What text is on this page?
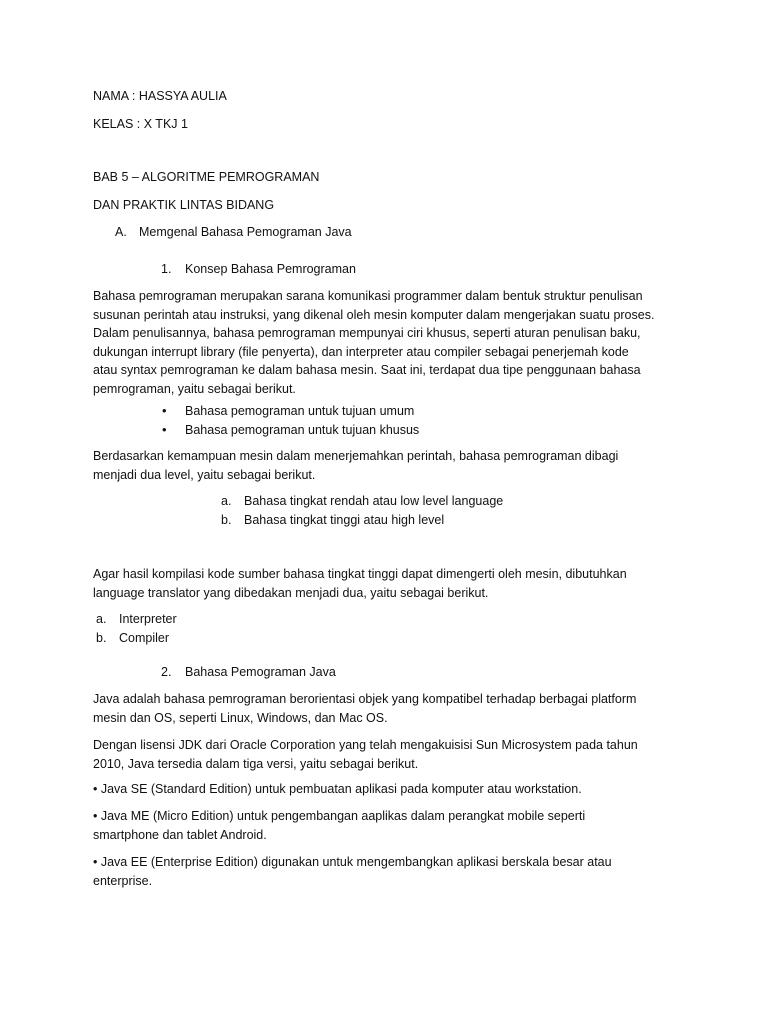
NAMA : HASSYA AULIA

KELAS : X TKJ 1

BAB 5 – ALGORITME PEMROGRAMAN

DAN PRAKTIK LINTAS BIDANG

A. Memgenal Bahasa Pemograman Java
1. Konsep Bahasa Pemrograman
Bahasa pemrograman merupakan sarana komunikasi programmer dalam bentuk struktur penulisan
susunan perintah atau instruksi, yang dikenal oleh mesin komputer dalam mengerjakan suatu proses.
Dalam penulisannya, bahasa pemrograman mempunyai ciri khusus, seperti aturan penulisan baku,
dukungan interrupt library (file penyerta), dan interpreter atau compiler sebagai penerjemah kode
atau syntax pemrograman ke dalam bahasa mesin. Saat ini, terdapat dua tipe penggunaan bahasa
pemrograman, yaitu sebagai berikut.
• Bahasa pemograman untuk tujuan umum
• Bahasa pemograman untuk tujuan khusus
Berdasarkan kemampuan mesin dalam menerjemahkan perintah, bahasa pemrograman dibagi
menjadi dua level, yaitu sebagai berikut.
a. Bahasa tingkat rendah atau low level language
b. Bahasa tingkat tinggi atau high level
Agar hasil kompilasi kode sumber bahasa tingkat tinggi dapat dimengerti oleh mesin, dibutuhkan
language translator yang dibedakan menjadi dua, yaitu sebagai berikut.
a. Interpreter
b. Compiler
2. Bahasa Pemograman Java
Java adalah bahasa pemrograman berorientasi objek yang kompatibel terhadap berbagai platform
mesin dan OS, seperti Linux, Windows, dan Mac OS.
Dengan lisensi JDK dari Oracle Corporation yang telah mengakuisisi Sun Microsystem pada tahun
2010, Java tersedia dalam tiga versi, yaitu sebagai berikut.
• Java SE (Standard Edition) untuk pembuatan aplikasi pada komputer atau workstation.
• Java ME (Micro Edition) untuk pengembangan aaplikas dalam perangkat mobile seperti
smartphone dan tablet Android.
• Java EE (Enterprise Edition) digunakan untuk mengembangkan aplikasi berskala besar atau
enterprise.
